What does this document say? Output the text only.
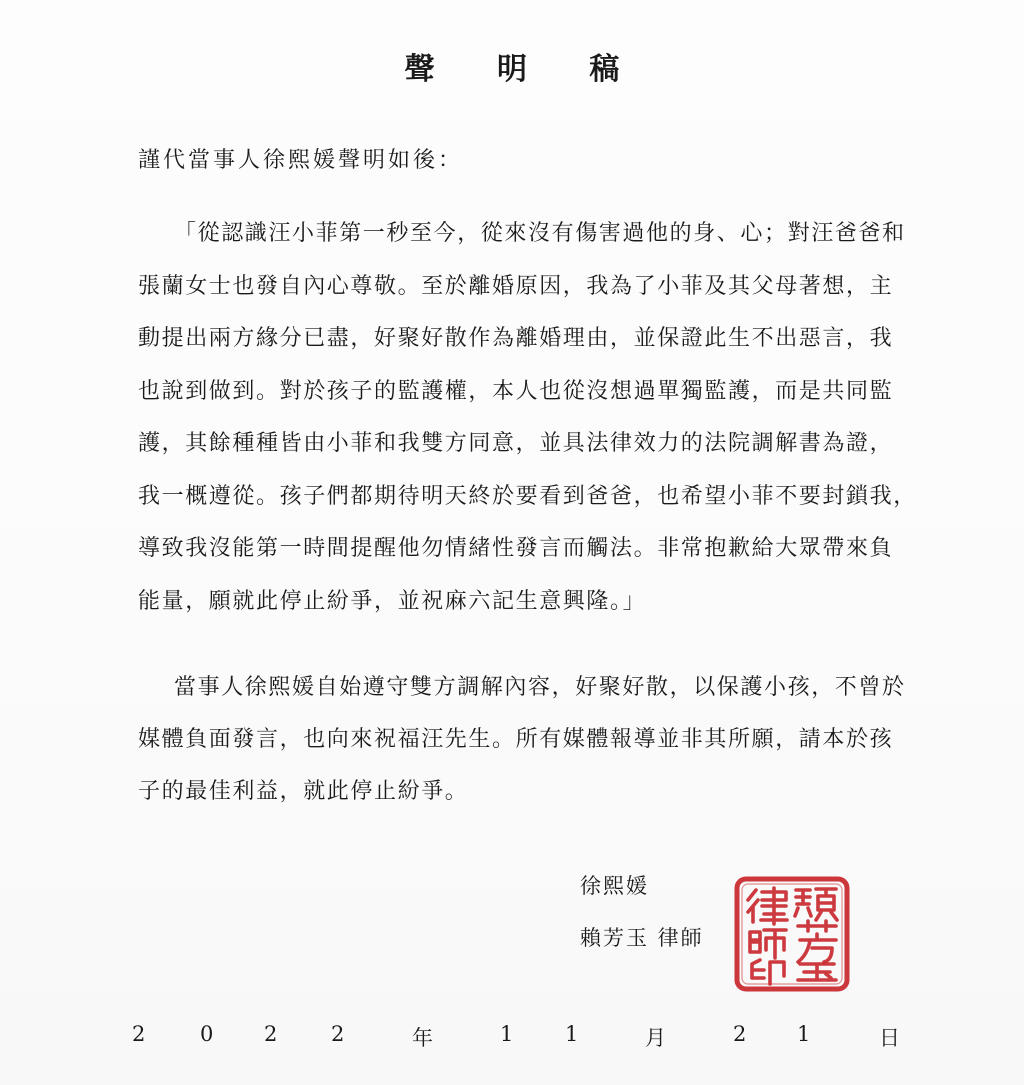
聲 明 稿
謹代當事人徐熙媛聲明如後：
「從認識汪小菲第一秒至今，從來沒有傷害過他的身、心；對汪爸爸和
張蘭女士也發自內心尊敬。至於離婚原因，我為了小菲及其父母著想，主
動提出兩方緣分已盡，好聚好散作為離婚理由，並保證此生不出惡言，我
也說到做到。對於孩子的監護權，本人也從沒想過單獨監護，而是共同監
護，其餘種種皆由小菲和我雙方同意，並具法律效力的法院調解書為證，
我一概遵從。孩子們都期待明天終於要看到爸爸，也希望小菲不要封鎖我，
導致我沒能第一時間提醒他勿情緒性發言而觸法。非常抱歉給大眾帶來負
能量，願就此停止紛爭，並祝麻六記生意興隆。」
當事人徐熙媛自始遵守雙方調解內容，好聚好散，以保護小孩，不曾於
媒體負面發言，也向來祝福汪先生。所有媒體報導並非其所願，請本於孩
子的最佳利益，就此停止紛爭。
徐熙媛
賴芳玉 律師
2	0 2	2	年	1 1	月	2 1	日
